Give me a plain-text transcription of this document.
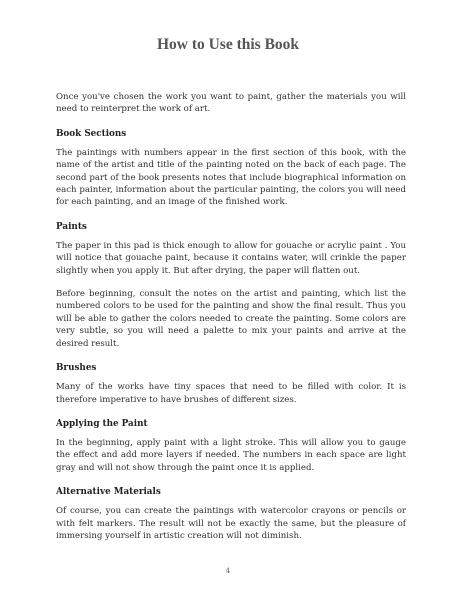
How to Use this Book

Once you've chosen the work you want to paint, gather the materials you will need to reinterpret the work of art.

Book Sections

The paintings with numbers appear in the first section of this book, with the name of the artist and title of the painting noted on the back of each page. The second part of the book presents notes that include biographical information on each painter, information about the particular painting, the colors you will need for each painting, and an image of the finished work.

Paints

The paper in this pad is thick enough to allow for gouache or acrylic paint . You will notice that gouache paint, because it contains water, will crinkle the paper slightly when you apply it. But after drying, the paper will flatten out.

Before beginning, consult the notes on the artist and painting, which list the numbered colors to be used for the painting and show the final result. Thus you will be able to gather the colors needed to create the painting. Some colors are very subtle, so you will need a palette to mix your paints and arrive at the desired result.

Brushes

Many of the works have tiny spaces that need to be filled with color. It is therefore imperative to have brushes of different sizes.

Applying the Paint

In the beginning, apply paint with a light stroke. This will allow you to gauge the effect and add more layers if needed. The numbers in each space are light gray and will not show through the paint once it is applied.

Alternative Materials

Of course, you can create the paintings with watercolor crayons or pencils or with felt markers. The result will not be exactly the same, but the pleasure of immersing yourself in artistic creation will not diminish.

4
